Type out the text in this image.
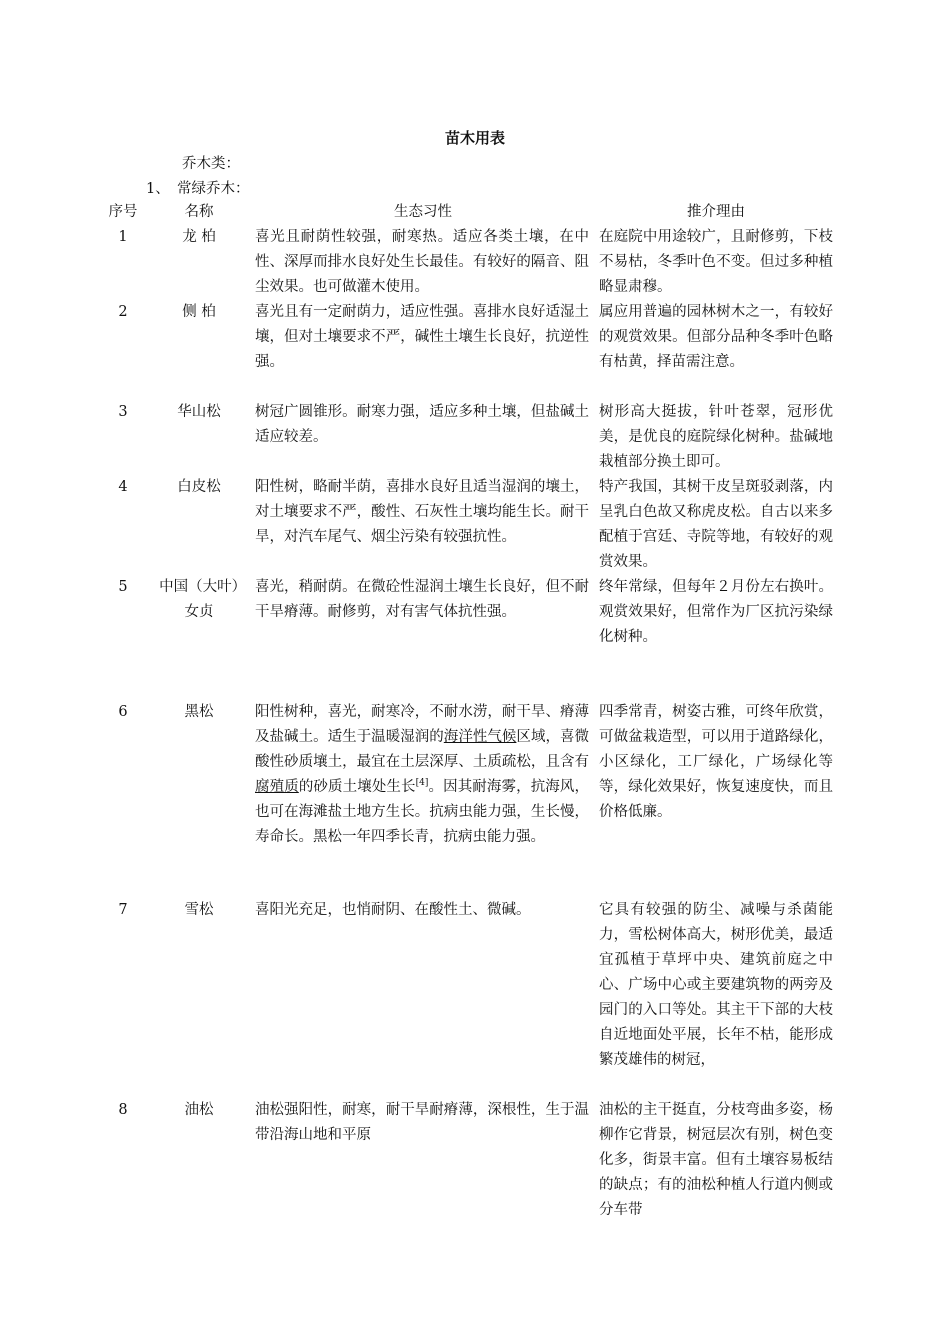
苗木用表
乔木类：
1、　常绿乔木：
序号	名称	生态习性	推介理由
1	龙 柏	喜光且耐荫性较强，耐寒热。适应各类土壤，在中性、深厚而排水良好处生长最佳。有较好的隔音、阻尘效果。也可做灌木使用。	在庭院中用途较广，且耐修剪，下枝不易枯，冬季叶色不变。但过多种植略显肃穆。
2	侧 柏	喜光且有一定耐荫力，适应性强。喜排水良好适湿土壤，但对土壤要求不严，碱性土壤生长良好，抗逆性强。	属应用普遍的园林树木之一，有较好的观赏效果。但部分品种冬季叶色略有枯黄，择苗需注意。
3	华山松	树冠广圆锥形。耐寒力强，适应多种土壤，但盐碱土适应较差。	树形高大挺拔，针叶苍翠，冠形优美，是优良的庭院绿化树种。盐碱地栽植部分换土即可。
4	白皮松	阳性树，略耐半荫，喜排水良好且适当湿润的壤土，对土壤要求不严，酸性、石灰性土壤均能生长。耐干旱，对汽车尾气、烟尘污染有较强抗性。	特产我国，其树干皮呈斑驳剥落，内呈乳白色故又称虎皮松。自古以来多配植于宫廷、寺院等地，有较好的观赏效果。
5	中国（大叶）女贞	喜光，稍耐荫。在微砼性湿润土壤生长良好，但不耐干旱瘠薄。耐修剪，对有害气体抗性强。	终年常绿，但每年２月份左右换叶。观赏效果好，但常作为厂区抗污染绿化树种。
6	黑松	阳性树种，喜光，耐寒冷，不耐水涝，耐干旱、瘠薄及盐碱土。适生于温暖湿润的海洋性气候区域，喜微酸性砂质壤土，最宜在土层深厚、土质疏松，且含有腐殖质的砂质土壤处生长[4]。因其耐海雾，抗海风，也可在海滩盐土地方生长。抗病虫能力强，生长慢，寿命长。黑松一年四季长青，抗病虫能力强。	四季常青，树姿古雅，可终年欣赏，可做盆栽造型，可以用于道路绿化，小区绿化，工厂绿化，广场绿化等等，绿化效果好，恢复速度快，而且价格低廉。
7	雪松	喜阳光充足，也悄耐阴、在酸性土、微碱。	它具有较强的防尘、减噪与杀菌能力，雪松树体高大，树形优美，最适宜孤植于草坪中央、建筑前庭之中心、广场中心或主要建筑物的两旁及园门的入口等处。其主干下部的大枝自近地面处平展，长年不枯，能形成繁茂雄伟的树冠，
8	油松	油松强阳性，耐寒，耐干旱耐瘠薄，深根性，生于温带沿海山地和平原	油松的主干挺直，分枝弯曲多姿，杨柳作它背景，树冠层次有别，树色变化多，街景丰富。但有土壤容易板结的缺点；有的油松种植人行道内侧或分车带
